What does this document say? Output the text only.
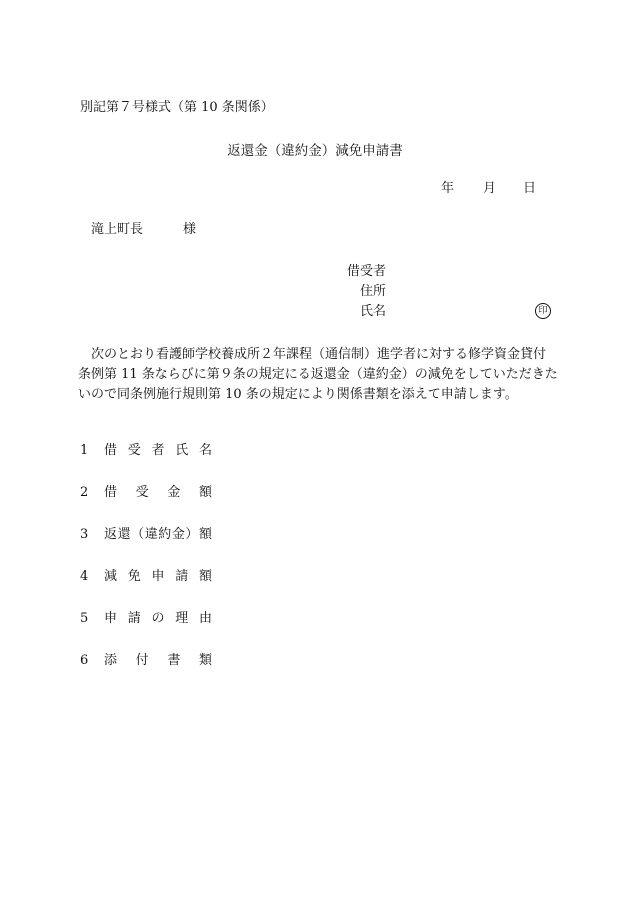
別記第７号様式（第 10 条関係）
返還金（違約金）減免申請書
年 月 日
滝上町長	様
借受者
住所
氏名	印
次のとおり看護師学校養成所２年課程（通信制）進学者に対する修学資金貸付条例第 11 条ならびに第９条の規定にる返還金（違約金）の減免をしていただきたいので同条例施行規則第 10 条の規定により関係書類を添えて申請します。
1 借受者氏名
2 借受金額
3 返還（違約金）額
4 減免申請額
5 申請の理由
6 添付書類
